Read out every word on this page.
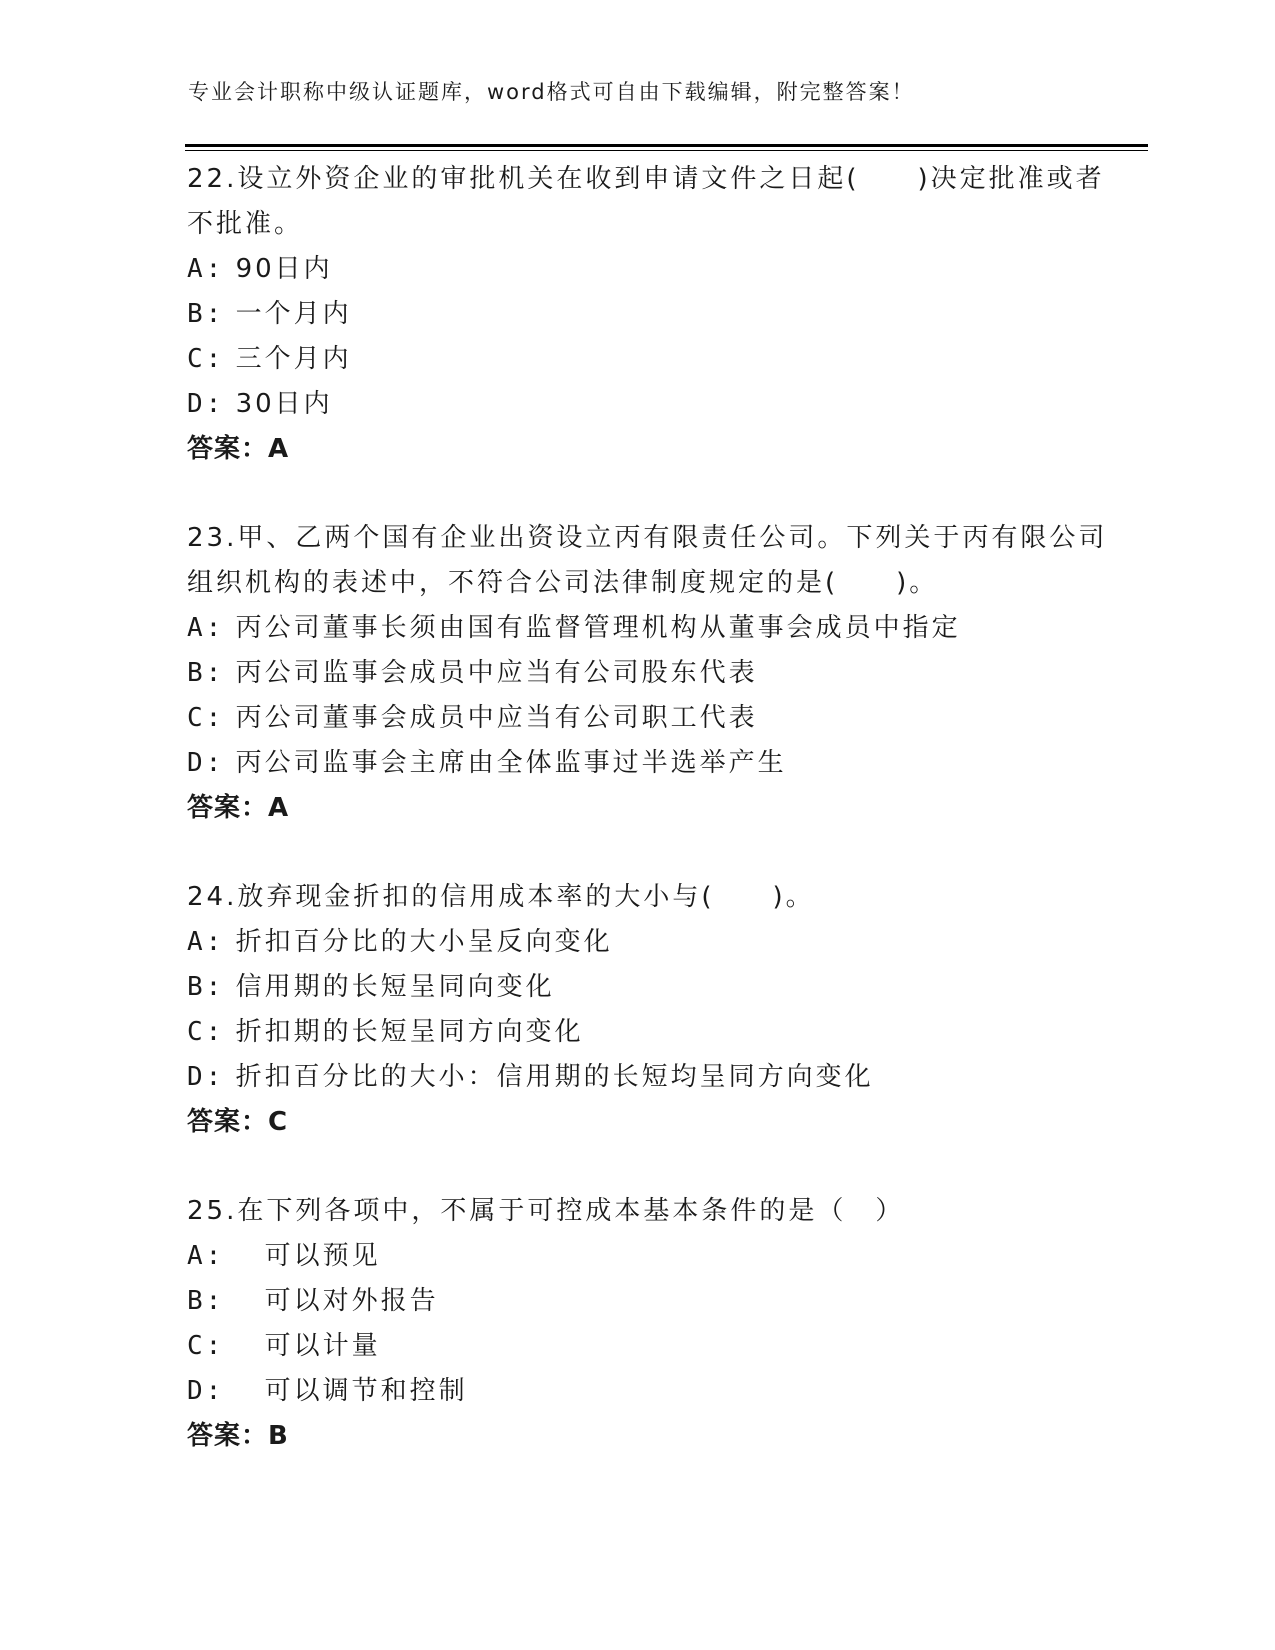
专业会计职称中级认证题库，word格式可自由下载编辑，附完整答案！
22.设立外资企业的审批机关在收到申请文件之日起(　　)决定批准或者不批准。
A: 90日内
B: 一个月内
C: 三个月内
D: 30日内
答案：A
23.甲、乙两个国有企业出资设立丙有限责任公司。下列关于丙有限公司组织机构的表述中，不符合公司法律制度规定的是(　　)。
A: 丙公司董事长须由国有监督管理机构从董事会成员中指定
B: 丙公司监事会成员中应当有公司股东代表
C: 丙公司董事会成员中应当有公司职工代表
D: 丙公司监事会主席由全体监事过半选举产生
答案：A
24.放弃现金折扣的信用成本率的大小与(　　)。
A: 折扣百分比的大小呈反向变化
B: 信用期的长短呈同向变化
C: 折扣期的长短呈同方向变化
D: 折扣百分比的大小：信用期的长短均呈同方向变化
答案：C
25.在下列各项中，不属于可控成本基本条件的是（　）
A:　 可以预见
B:　 可以对外报告
C:　 可以计量
D:　 可以调节和控制
答案：B
